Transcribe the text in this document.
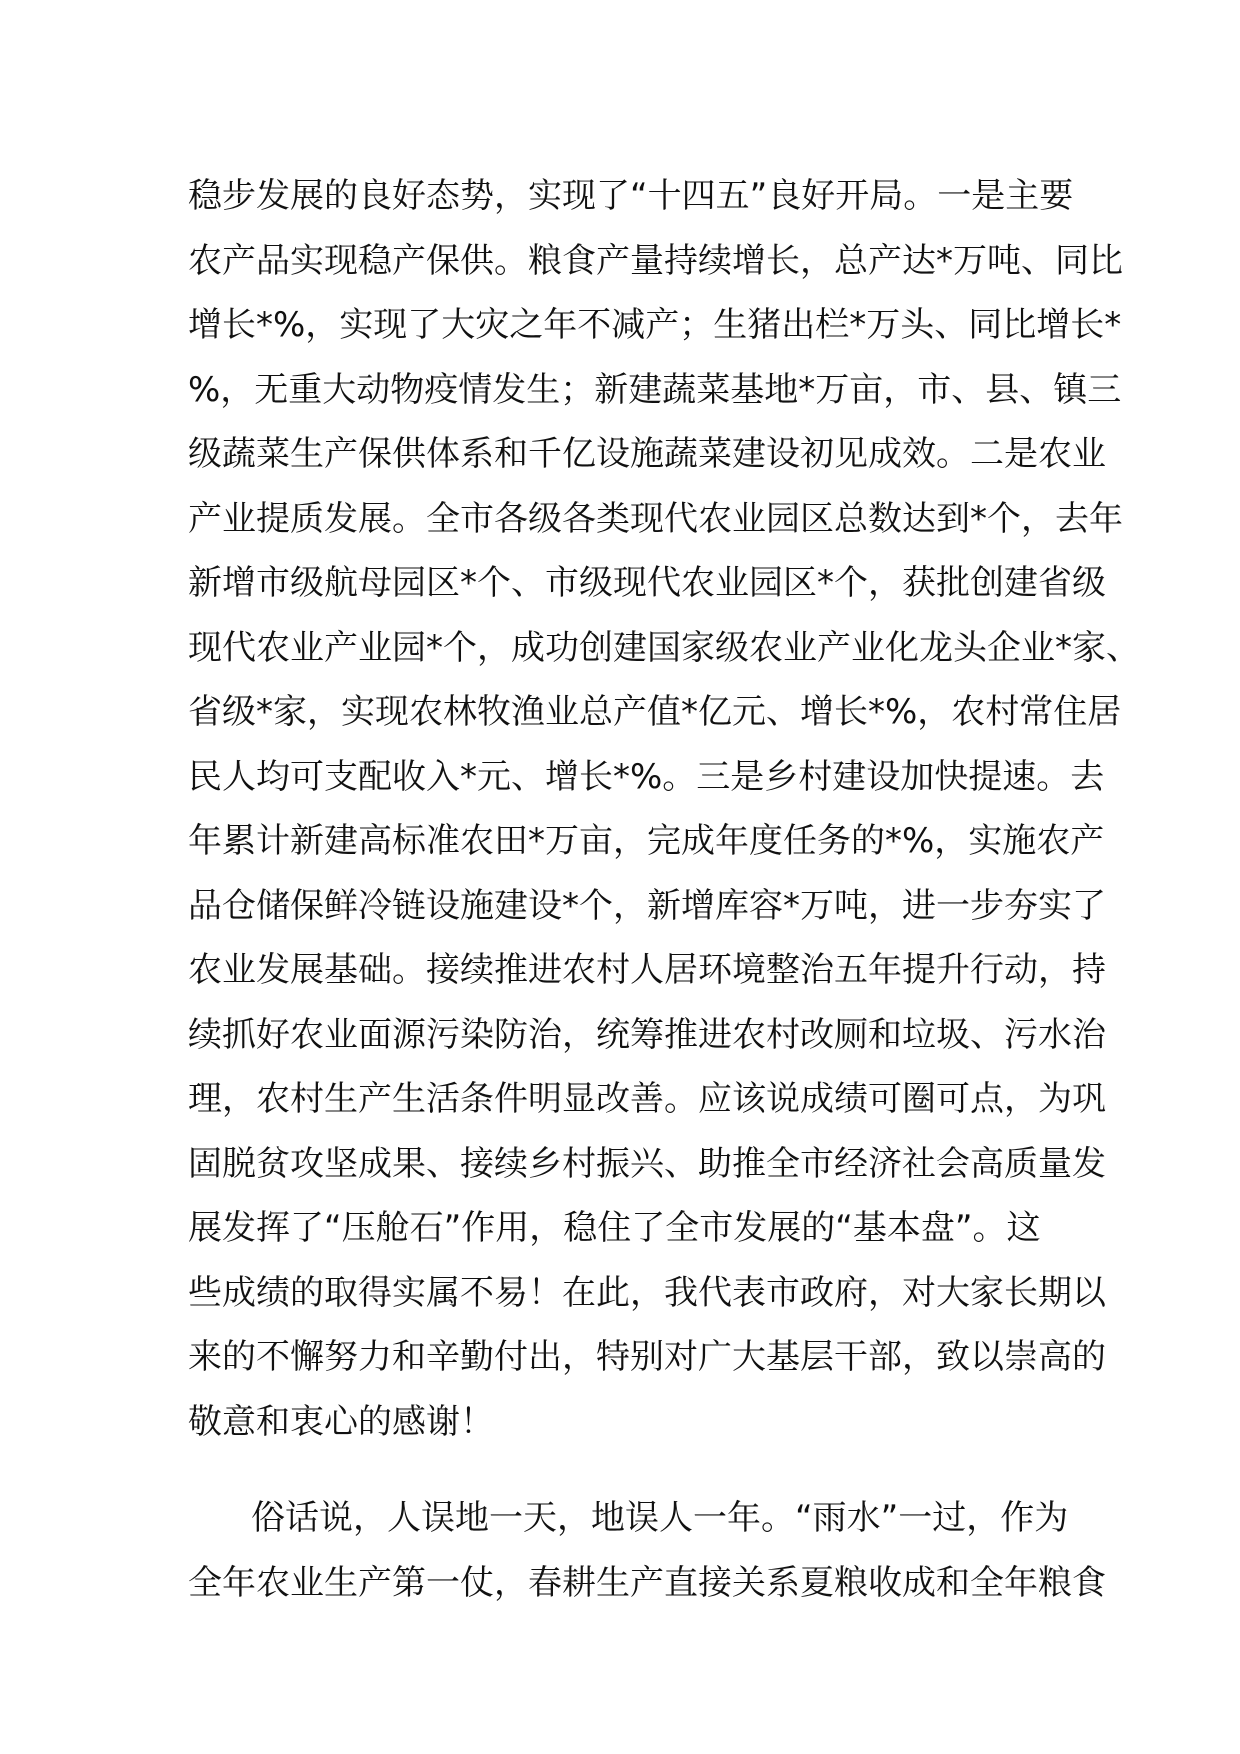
稳步发展的良好态势，实现了“十四五”良好开局。一是主要
农产品实现稳产保供。粮食产量持续增长，总产达*万吨、同比
增长*%，实现了大灾之年不减产；生猪出栏*万头、同比增长*
%，无重大动物疫情发生；新建蔬菜基地*万亩，市、县、镇三
级蔬菜生产保供体系和千亿设施蔬菜建设初见成效。二是农业
产业提质发展。全市各级各类现代农业园区总数达到*个，去年
新增市级航母园区*个、市级现代农业园区*个，获批创建省级
现代农业产业园*个，成功创建国家级农业产业化龙头企业*家、
省级*家，实现农林牧渔业总产值*亿元、增长*%，农村常住居
民人均可支配收入*元、增长*%。三是乡村建设加快提速。去
年累计新建高标准农田*万亩，完成年度任务的*%，实施农产
品仓储保鲜冷链设施建设*个，新增库容*万吨，进一步夯实了
农业发展基础。接续推进农村人居环境整治五年提升行动，持
续抓好农业面源污染防治，统筹推进农村改厕和垃圾、污水治
理，农村生产生活条件明显改善。应该说成绩可圈可点，为巩
固脱贫攻坚成果、接续乡村振兴、助推全市经济社会高质量发
展发挥了“压舱石”作用，稳住了全市发展的“基本盘”。这
些成绩的取得实属不易！在此，我代表市政府，对大家长期以
来的不懈努力和辛勤付出，特别对广大基层干部，致以崇高的
敬意和衷心的感谢！
俗话说，人误地一天，地误人一年。“雨水”一过，作为
全年农业生产第一仗，春耕生产直接关系夏粮收成和全年粮食
